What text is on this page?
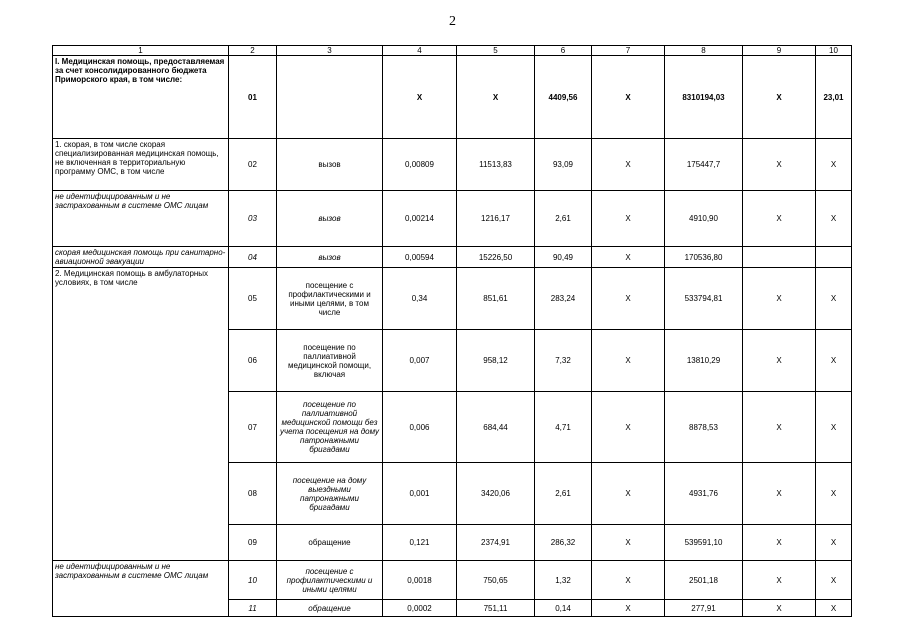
2
1	2	3	4	5	6	7	8	9	10
I. Медицинская помощь, предоставляемая за счет консолидированного бюджета Приморского края, в том числе:	01		X	X	4409,56	X	8310194,03	X	23,01
1. скорая, в том числе скорая специализированная медицинская помощь, не включенная в территориальную программу ОМС, в том числе	02	вызов	0,00809	11513,83	93,09	X	175447,7	X	X
не идентифицированным и не застрахованным в системе ОМС лицам	03	вызов	0,00214	1216,17	2,61	X	4910,90	X	X
скорая медицинская помощь при санитарно-авиационной эвакуации	04	вызов	0,00594	15226,50	90,49	X	170536,80		
2. Медицинская помощь в амбулаторных условиях, в том числе	05	посещение с профилактическими и иными целями, в том числе	0,34	851,61	283,24	X	533794,81	X	X
	06	посещение по паллиативной медицинской помощи, включая	0,007	958,12	7,32	X	13810,29	X	X
	07	посещение по паллиативной медицинской помощи без учета посещения на дому патронажными бригадами	0,006	684,44	4,71	X	8878,53	X	X
	08	посещение на дому выездными патронажными бригадами	0,001	3420,06	2,61	X	4931,76	X	X
	09	обращение	0,121	2374,91	286,32	X	539591,10	X	X
не идентифицированным и не застрахованным в системе ОМС лицам	10	посещение с профилактическими и иными целями	0,0018	750,65	1,32	X	2501,18	X	X
	11	обращение	0,0002	751,11	0,14	X	277,91	X	X
